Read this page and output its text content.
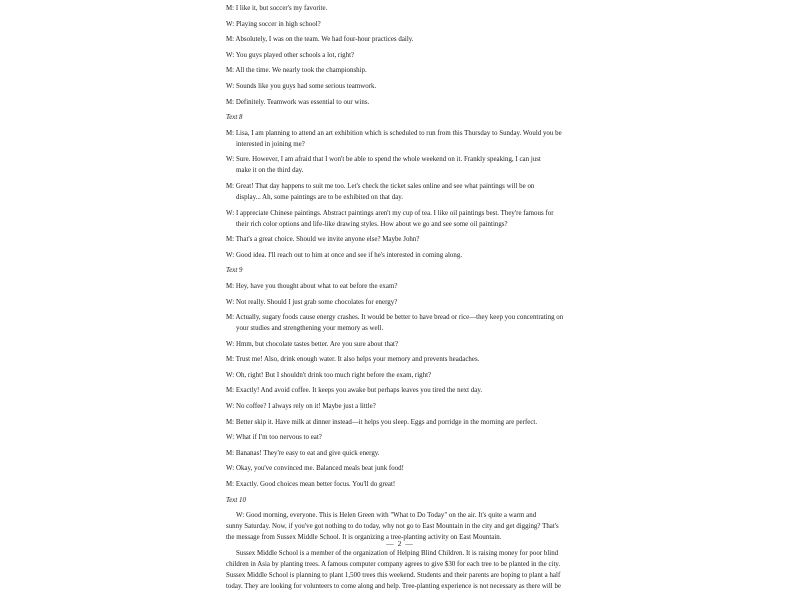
M: I like it, but soccer's my favorite.
W: Playing soccer in high school?
M: Absolutely, I was on the team. We had four-hour practices daily.
W: You guys played other schools a lot, right?
M: All the time. We nearly took the championship.
W: Sounds like you guys had some serious teamwork.
M: Definitely. Teamwork was essential to our wins.
Text 8
M: Lisa, I am planning to attend an art exhibition which is scheduled to run from this Thursday to Sunday. Would you be
interested in joining me?
W: Sure. However, I am afraid that I won't be able to spend the whole weekend on it. Frankly speaking, I can just
make it on the third day.
M: Great! That day happens to suit me too. Let's check the ticket sales online and see what paintings will be on
display... Ah, some paintings are to be exhibited on that day.
W: I appreciate Chinese paintings. Abstract paintings aren't my cup of tea. I like oil paintings best. They're famous for
their rich color options and life-like drawing styles. How about we go and see some oil paintings?
M: That's a great choice. Should we invite anyone else? Maybe John?
W: Good idea. I'll reach out to him at once and see if he's interested in coming along.
Text 9
M: Hey, have you thought about what to eat before the exam?
W: Not really. Should I just grab some chocolates for energy?
M: Actually, sugary foods cause energy crashes. It would be better to have bread or rice—they keep you concentrating on
your studies and strengthening your memory as well.
W: Hmm, but chocolate tastes better. Are you sure about that?
M: Trust me! Also, drink enough water. It also helps your memory and prevents headaches.
W: Oh, right! But I shouldn't drink too much right before the exam, right?
M: Exactly! And avoid coffee. It keeps you awake but perhaps leaves you tired the next day.
W: No coffee? I always rely on it! Maybe just a little?
M: Better skip it. Have milk at dinner instead—it helps you sleep. Eggs and porridge in the morning are perfect.
W: What if I'm too nervous to eat?
M: Bananas! They're easy to eat and give quick energy.
W: Okay, you've convinced me. Balanced meals beat junk food!
M: Exactly. Good choices mean better focus. You'll do great!
Text 10
W: Good morning, everyone. This is Helen Green with "What to Do Today" on the air. It's quite a warm and
sunny Saturday. Now, if you've got nothing to do today, why not go to East Mountain in the city and get digging? That's
the message from Sussex Middle School. It is organizing a tree-planting activity on East Mountain.
Sussex Middle School is a member of the organization of Helping Blind Children. It is raising money for poor blind
children in Asia by planting trees. A famous computer company agrees to give $30 for each tree to be planted in the city.
Sussex Middle School is planning to plant 1,500 trees this weekend. Students and their parents are hoping to plant a half
today. They are looking for volunteers to come along and help. Tree-planting experience is not necessary as there will be
— 2 —
